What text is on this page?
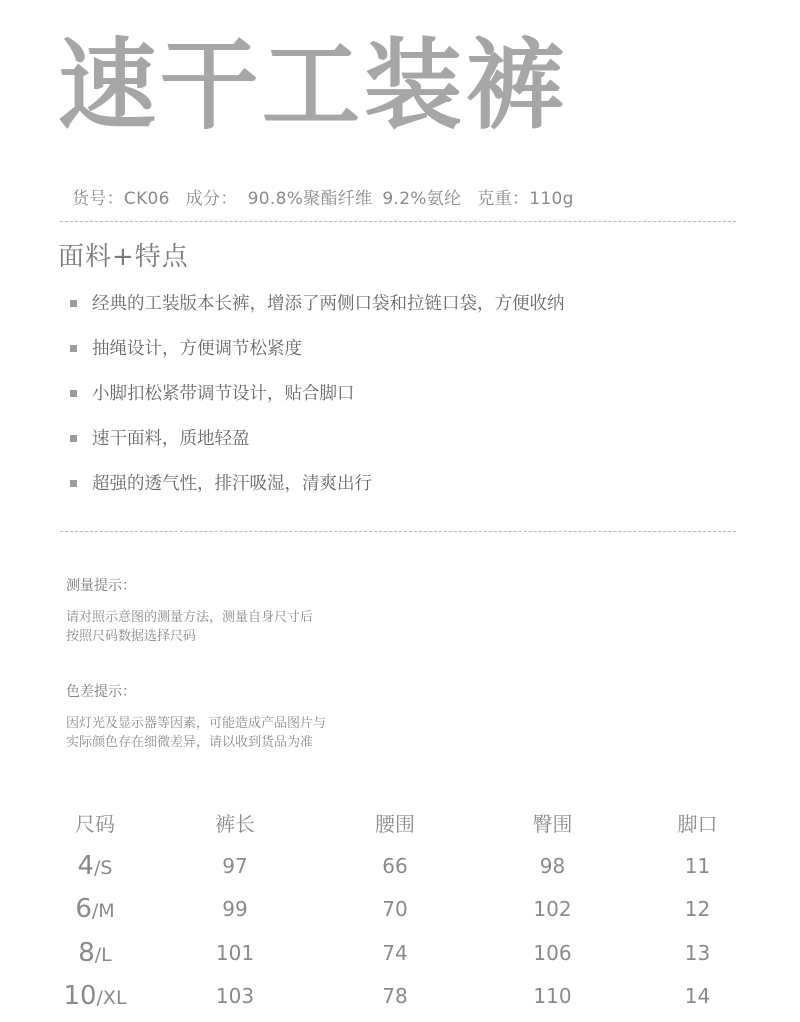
速干工装裤
货号：CK06 成分： 90.8%聚酯纤维 9.2%氨纶 克重：110g
面料+特点
经典的工装版本长裤，增添了两侧口袋和拉链口袋，方便收纳
抽绳设计，方便调节松紧度
小脚扣松紧带调节设计，贴合脚口
速干面料，质地轻盈
超强的透气性，排汗吸湿，清爽出行
测量提示：
请对照示意图的测量方法，测量自身尺寸后
按照尺码数据选择尺码
色差提示：
因灯光及显示器等因素，可能造成产品图片与
实际颜色存在细微差异，请以收到货品为准
尺码	裤长	腰围	臀围	脚口
4/S	97	66	98	11
6/M	99	70	102	12
8/L	101	74	106	13
10/XL	103	78	110	14
